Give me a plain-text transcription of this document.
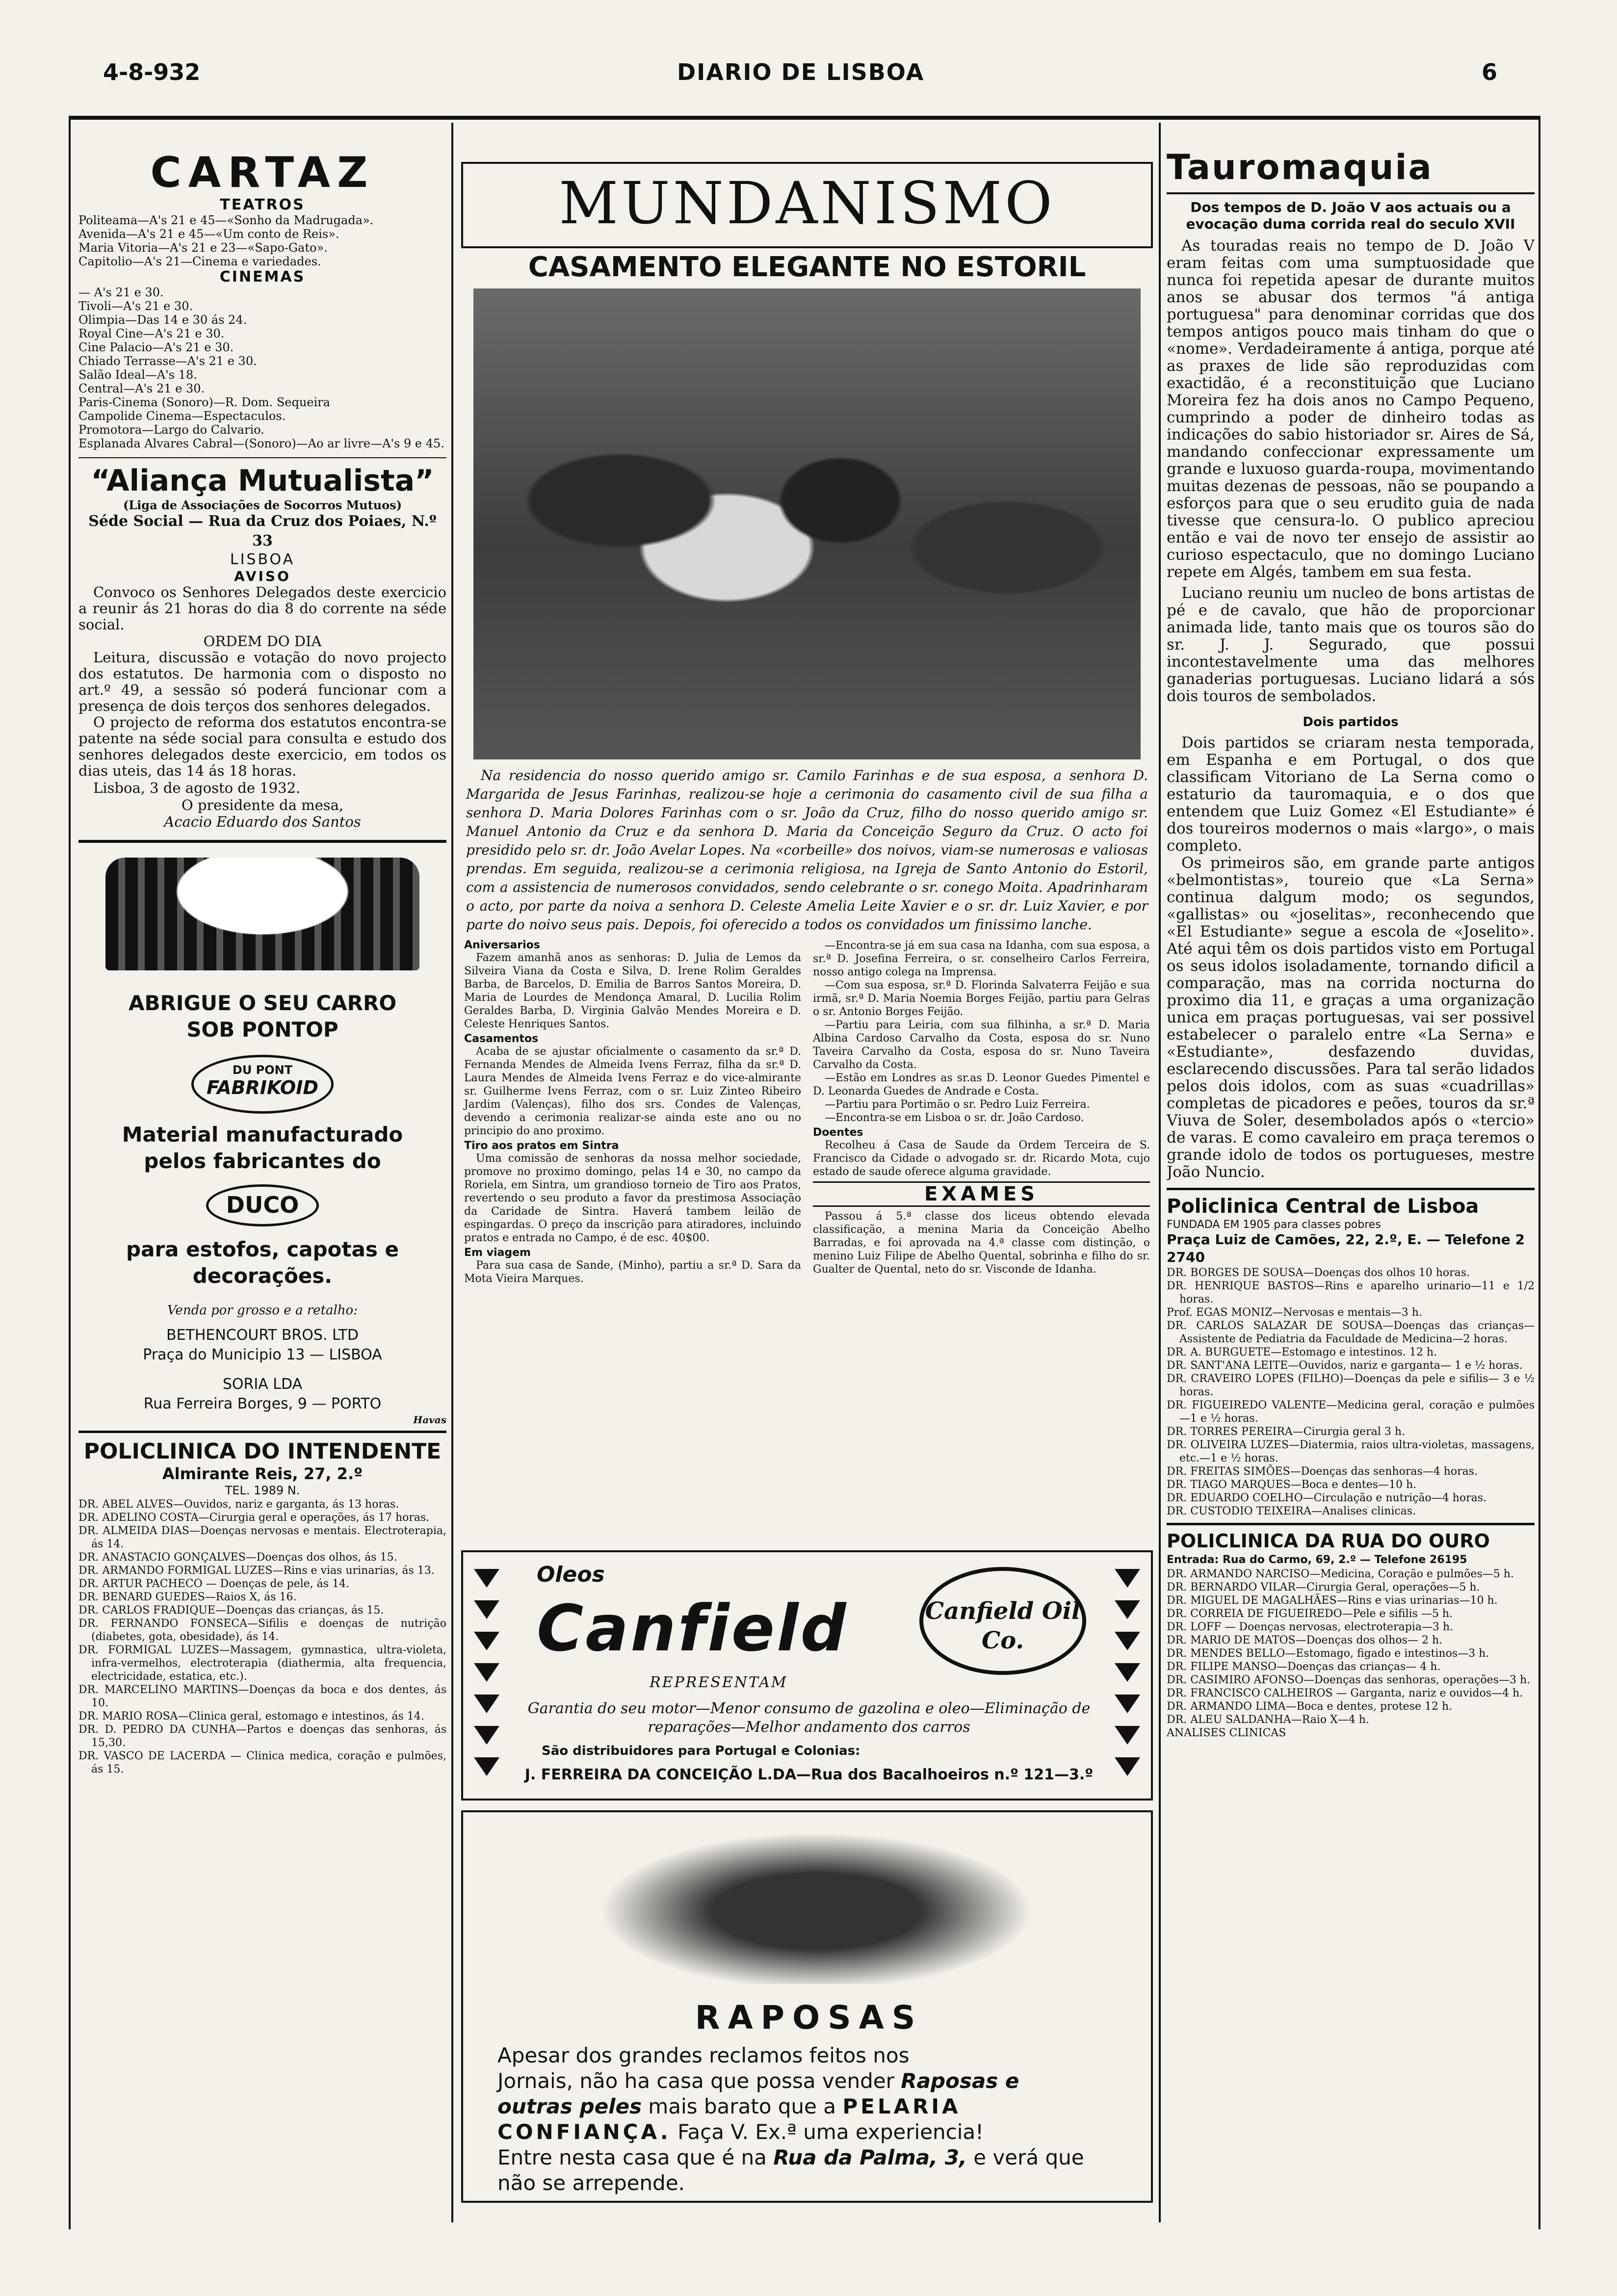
4-8-932	DIARIO DE LISBOA	6
CARTAZ
TEATROS

Politeama—A's 21 e 45—«Sonho da Madrugada».

Avenida—A's 21 e 45—«Um conto de Reis».

Maria Vitoria—A's 21 e 23—«Sapo-Gato».

Capitolio—A's 21—Cinema e variedades.

CINEMAS

— A's 21 e 30.

Tivoli—A's 21 e 30.

Olimpia—Das 14 e 30 ás 24.

Royal Cine—A's 21 e 30.

Cine Palacio—A's 21 e 30.

Chiado Terrasse—A's 21 e 30.

Salão Ideal—A's 18.

Central—A's 21 e 30.

Paris-Cinema (Sonoro)—R. Dom. Sequeira

Campolide Cinema—Espectaculos.

Promotora—Largo do Calvario.

Esplanada Alvares Cabral—(Sonoro)—Ao ar livre—A's 9 e 45.

“Aliança Mutualista”
(Liga de Associações de Socorros Mutuos)
Séde Social — Rua da Cruz dos Poiaes, N.º 33
LISBOA
AVISO

Convoco os Senhores Delegados deste exercicio a reunir ás 21 horas do dia 8 do corrente na séde social.

ORDEM DO DIA

Leitura, discussão e votação do novo projecto dos estatutos. De harmonia com o disposto no art.º 49, a sessão só poderá funcionar com a presença de dois terços dos senhores delegados.

O projecto de reforma dos estatutos encontra-se patente na séde social para consulta e estudo dos senhores delegados deste exercicio, em todos os dias uteis, das 14 ás 18 horas.

Lisboa, 3 de agosto de 1932.

O presidente da mesa,
Acacio Eduardo dos Santos
ABRIGUE O SEU CARRO
SOB PONTOP
DU PONT
FABRIKOID
Material manufacturado
pelos fabricantes do
DUCO
para estofos, capotas e
decorações.
Venda por grosso e a retalho:
BETHENCOURT BROS. LTD
Praça do Municipio 13 — LISBOA
SORIA LDA
Rua Ferreira Borges, 9 — PORTO
Havas
POLICLINICA DO INTENDENTE
Almirante Reis, 27, 2.º
TEL. 1989 N.

DR. ABEL ALVES—Ouvidos, nariz e garganta, ás 13 horas.

DR. ADELINO COSTA—Cirurgia geral e operações, ás 17 horas.

DR. ALMEIDA DIAS—Doenças nervosas e mentais. Electroterapia, ás 14.

DR. ANASTACIO GONÇALVES—Doenças dos olhos, ás 15.

DR. ARMANDO FORMIGAL LUZES—Rins e vias urinarias, ás 13.

DR. ARTUR PACHECO — Doenças de pele, ás 14.

DR. BENARD GUEDES—Raios X, ás 16.

DR. CARLOS FRADIQUE—Doenças das crianças, ás 15.

DR. FERNANDO FONSECA—Sifilis e doenças de nutrição (diabetes, gota, obesidade), ás 14.

DR. FORMIGAL LUZES—Massagem, gymnastica, ultra-violeta, infra-vermelhos, electroterapia (diathermia, alta frequencia, electricidade, estatica, etc.).

DR. MARCELINO MARTINS—Doenças da boca e dos dentes, ás 10.

DR. MARIO ROSA—Clinica geral, estomago e intestinos, ás 14.

DR. D. PEDRO DA CUNHA—Partos e doenças das senhoras, ás 15,30.

DR. VASCO DE LACERDA — Clinica medica, coração e pulmões, ás 15.

MUNDANISMO
CASAMENTO ELEGANTE NO ESTORIL

Na residencia do nosso querido amigo sr. Camilo Farinhas e de sua esposa, a senhora D. Margarida de Jesus Farinhas, realizou-se hoje a cerimonia do casamento civil de sua filha a senhora D. Maria Dolores Farinhas com o sr. João da Cruz, filho do nosso querido amigo sr. Manuel Antonio da Cruz e da senhora D. Maria da Conceição Seguro da Cruz. O acto foi presidido pelo sr. dr. João Avelar Lopes. Na «corbeille» dos noivos, viam-se numerosas e valiosas prendas. Em seguida, realizou-se a cerimonia religiosa, na Igreja de Santo Antonio do Estoril, com a assistencia de numerosos convidados, sendo celebrante o sr. conego Moita. Apadrinharam o acto, por parte da noiva a senhora D. Celeste Amelia Leite Xavier e o sr. dr. Luiz Xavier, e por parte do noivo seus pais. Depois, foi oferecido a todos os convidados um finissimo lanche.

Aniversarios

Fazem amanhã anos as senhoras: D. Julia de Lemos da Silveira Viana da Costa e Silva, D. Irene Rolim Geraldes Barba, de Barcelos, D. Emilia de Barros Santos Moreira, D. Maria de Lourdes de Mendonça Amaral, D. Lucilia Rolim Geraldes Barba, D. Virginia Galvão Mendes Moreira e D. Celeste Henriques Santos.

Casamentos

Acaba de se ajustar oficialmente o casamento da sr.ª D. Fernanda Mendes de Almeida Ivens Ferraz, filha da sr.ª D. Laura Mendes de Almeida Ivens Ferraz e do vice-almirante sr. Guilherme Ivens Ferraz, com o sr. Luiz Zinteo Ribeiro Jardim (Valenças), filho dos srs. Condes de Valenças, devendo a cerimonia realizar-se ainda este ano ou no principio do ano proximo.

Tiro aos pratos em Sintra

Uma comissão de senhoras da nossa melhor sociedade, promove no proximo domingo, pelas 14 e 30, no campo da Roriela, em Sintra, um grandioso torneio de Tiro aos Pratos, revertendo o seu produto a favor da prestimosa Associação da Caridade de Sintra. Haverá tambem leilão de espingardas. O preço da inscrição para atiradores, incluindo pratos e entrada no Campo, é de esc. 40$00.

Em viagem

Para sua casa de Sande, (Minho), partiu a sr.ª D. Sara da Mota Vieira Marques.

—Encontra-se já em sua casa na Idanha, com sua esposa, a sr.ª D. Josefina Ferreira, o sr. conselheiro Carlos Ferreira, nosso antigo colega na Imprensa.

—Com sua esposa, sr.ª D. Florinda Salvaterra Feijão e sua irmã, sr.ª D. Maria Noemia Borges Feijão, partiu para Gelras o sr. Antonio Borges Feijão.

—Partiu para Leiria, com sua filhinha, a sr.ª D. Maria Albina Cardoso Carvalho da Costa, esposa do sr. Nuno Taveira Carvalho da Costa, esposa do sr. Nuno Taveira Carvalho da Costa.

—Estão em Londres as sr.as D. Leonor Guedes Pimentel e D. Leonarda Guedes de Andrade e Costa.

—Partiu para Portimão o sr. Pedro Luiz Ferreira.

—Encontra-se em Lisboa o sr. dr. João Cardoso.

Doentes

Recolheu á Casa de Saude da Ordem Terceira de S. Francisco da Cidade o advogado sr. dr. Ricardo Mota, cujo estado de saude oferece alguma gravidade.

EXAMES

Passou á 5.ª classe dos liceus obtendo elevada classificação, a menina Maria da Conceição Abelho Barradas, e foi aprovada na 4.ª classe com distinção, o menino Luiz Filipe de Abelho Quental, sobrinha e filho do sr. Gualter de Quental, neto do sr. Visconde de Idanha.

Oleos
Canfield	Canfield Oil Co.
REPRESENTAM
Garantia do seu motor—Menor consumo de gazolina e oleo—Eliminação de reparações—Melhor andamento dos carros
São distribuidores para Portugal e Colonias:
J. FERREIRA DA CONCEIÇÃO L.DA—Rua dos Bacalhoeiros n.º 121—3.º
RAPOSAS
Apesar dos grandes reclamos feitos nos
Jornais, não ha casa que possa vender Raposas e
outras peles mais barato que a PELARIA
CONFIANÇA. Faça V. Ex.ª uma experiencia!
Entre nesta casa que é na Rua da Palma, 3, e verá que
não se arrepende.
Tauromaquia
Dos tempos de D. João V aos actuais ou a evocação duma corrida real do seculo XVII

As touradas reais no tempo de D. João V eram feitas com uma sumptuosidade que nunca foi repetida apesar de durante muitos anos se abusar dos termos "á antiga portuguesa" para denominar corridas que dos tempos antigos pouco mais tinham do que o «nome». Verdadeiramente á antiga, porque até as praxes de lide são reproduzidas com exactidão, é a reconstituição que Luciano Moreira fez ha dois anos no Campo Pequeno, cumprindo a poder de dinheiro todas as indicações do sabio historiador sr. Aires de Sá, mandando confeccionar expressamente um grande e luxuoso guarda-roupa, movimentando muitas dezenas de pessoas, não se poupando a esforços para que o seu erudito guia de nada tivesse que censura-lo. O publico apreciou então e vai de novo ter ensejo de assistir ao curioso espectaculo, que no domingo Luciano repete em Algés, tambem em sua festa.

Luciano reuniu um nucleo de bons artistas de pé e de cavalo, que hão de proporcionar animada lide, tanto mais que os touros são do sr. J. J. Segurado, que possui incontestavelmente uma das melhores ganaderias portuguesas. Luciano lidará a sós dois touros de sembolados.

Dois partidos

Dois partidos se criaram nesta temporada, em Espanha e em Portugal, o dos que classificam Vitoriano de La Serna como o estaturio da tauromaquia, e o dos que entendem que Luiz Gomez «El Estudiante» é dos toureiros modernos o mais «largo», o mais completo.

Os primeiros são, em grande parte antigos «belmontistas», toureio que «La Serna» continua dalgum modo; os segundos, «gallistas» ou «joselitas», reconhecendo que «El Estudiante» segue a escola de «Joselito». Até aqui têm os dois partidos visto em Portugal os seus idolos isoladamente, tornando dificil a comparação, mas na corrida nocturna do proximo dia 11, e graças a uma organização unica em praças portuguesas, vai ser possivel estabelecer o paralelo entre «La Serna» e «Estudiante», desfazendo duvidas, esclarecendo discussões. Para tal serão lidados pelos dois idolos, com as suas «cuadrillas» completas de picadores e peões, touros da sr.ª Viuva de Soler, desembolados após o «tercio» de varas. E como cavaleiro em praça teremos o grande idolo de todos os portugueses, mestre João Nuncio.

Policlinica Central de Lisboa
FUNDADA EM 1905 para classes pobres
Praça Luiz de Camões, 22, 2.º, E. — Telefone 2 2740

DR. BORGES DE SOUSA—Doenças dos olhos 10 horas.

DR. HENRIQUE BASTOS—Rins e aparelho urinario—11 e 1/2 horas.

Prof. EGAS MONIZ—Nervosas e mentais—3 h.

DR. CARLOS SALAZAR DE SOUSA—Doenças das crianças—Assistente de Pediatria da Faculdade de Medicina—2 horas.

DR. A. BURGUETE—Estomago e intestinos. 12 h.

DR. SANT'ANA LEITE—Ouvidos, nariz e garganta— 1 e ½ horas.

DR. CRAVEIRO LOPES (FILHO)—Doenças da pele e sifilis— 3 e ½ horas.

DR. FIGUEIREDO VALENTE—Medicina geral, coração e pulmões—1 e ½ horas.

DR. TORRES PEREIRA—Cirurgia geral 3 h.

DR. OLIVEIRA LUZES—Diatermia, raios ultra-violetas, massagens, etc.—1 e ½ horas.

DR. FREITAS SIMÕES—Doenças das senhoras—4 horas.

DR. TIAGO MARQUES—Boca e dentes—10 h.

DR. EDUARDO COELHO—Circulação e nutrição—4 horas.

DR. CUSTODIO TEIXEIRA—Analises clinicas.

POLICLINICA DA RUA DO OURO
Entrada: Rua do Carmo, 69, 2.º — Telefone 26195

DR. ARMANDO NARCISO—Medicina, Coração e pulmões—5 h.

DR. BERNARDO VILAR—Cirurgia Geral, operações—5 h.

DR. MIGUEL DE MAGALHÃES—Rins e vias urinarias—10 h.

DR. CORREIA DE FIGUEIREDO—Pele e sifilis —5 h.

DR. LOFF — Doenças nervosas, electroterapia—3 h.

DR. MARIO DE MATOS—Doenças dos olhos— 2 h.

DR. MENDES BELLO—Estomago, figado e intestinos—3 h.

DR. FILIPE MANSO—Doenças das crianças— 4 h.

DR. CASIMIRO AFONSO—Doenças das senhoras, operações—3 h.

DR. FRANCISCO CALHEIROS — Garganta, nariz e ouvidos—4 h.

DR. ARMANDO LIMA—Boca e dentes, protese 12 h.

DR. ALEU SALDANHA—Raio X—4 h.

ANALISES CLINICAS
